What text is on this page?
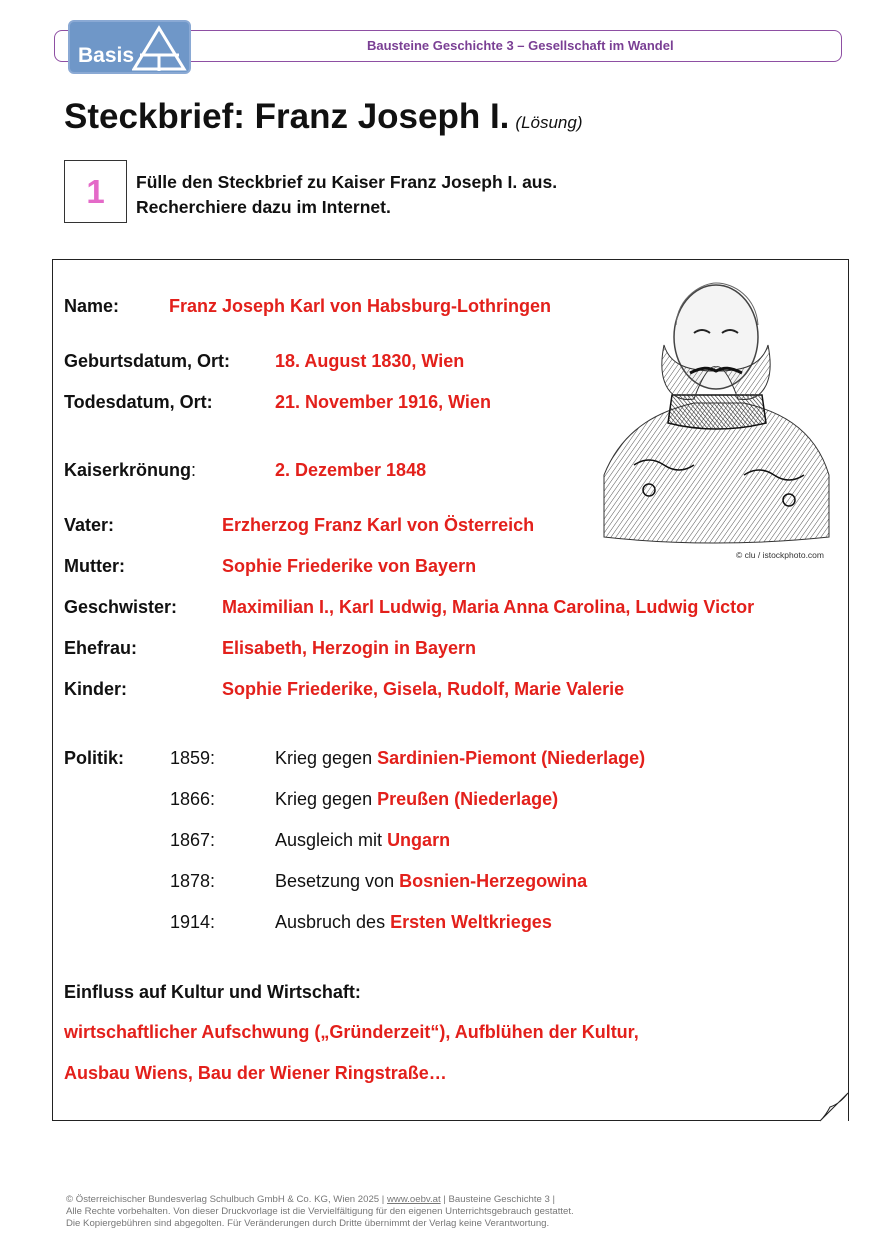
Bausteine Geschichte 3 – Gesellschaft im Wandel
Basis
Steckbrief: Franz Joseph I. (Lösung)
1	Fülle den Steckbrief zu Kaiser Franz Joseph I. aus.
Recherchiere dazu im Internet.
© clu / istockphoto.com
Name:	Franz Joseph Karl von Habsburg-Lothringen
Geburtsdatum, Ort: 18. August 1830, Wien
Todesdatum, Ort:	21. November 1916, Wien
Kaiserkrönung:	2. Dezember 1848
Vater:	Erzherzog Franz Karl von Österreich
Mutter:	Sophie Friederike von Bayern
Geschwister: Maximilian I., Karl Ludwig, Maria Anna Carolina, Ludwig Victor
Ehefrau:	Elisabeth, Herzogin in Bayern
Kinder:	Sophie Friederike, Gisela, Rudolf, Marie Valerie
Politik:	1859:	Krieg gegen Sardinien-Piemont (Niederlage)
1866:	Krieg gegen Preußen (Niederlage)
1867:	Ausgleich mit Ungarn
1878:	Besetzung von Bosnien-Herzegowina
1914:	Ausbruch des Ersten Weltkrieges
Einfluss auf Kultur und Wirtschaft:
wirtschaftlicher Aufschwung („Gründerzeit“), Aufblühen der Kultur,
Ausbau Wiens, Bau der Wiener Ringstraße…
© Österreichischer Bundesverlag Schulbuch GmbH & Co. KG, Wien 2025 | www.oebv.at | Bausteine Geschichte 3 |
Alle Rechte vorbehalten. Von dieser Druckvorlage ist die Vervielfältigung für den eigenen Unterrichtsgebrauch gestattet.
Die Kopiergebühren sind abgegolten. Für Veränderungen durch Dritte übernimmt der Verlag keine Verantwortung.
